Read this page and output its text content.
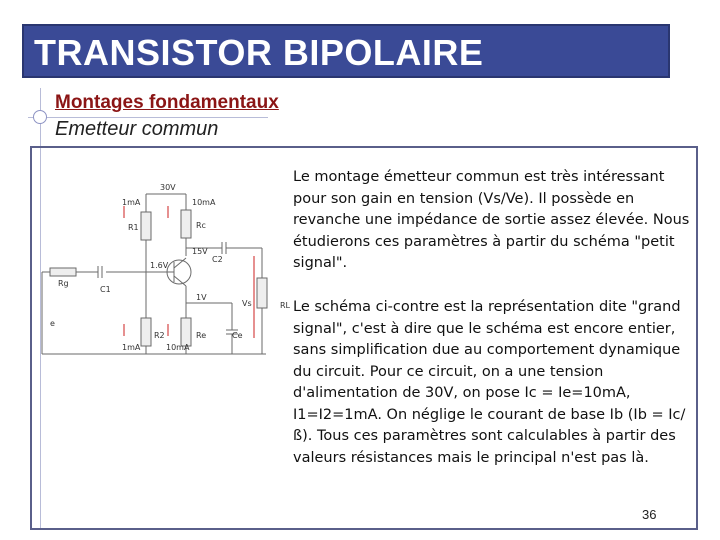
TRANSISTOR BIPOLAIRE
Montages fondamentaux
Emetteur commun
30V
1mA	10mA
R1	Rc
15V
C2
1.6V
Rg
C1
1V
Vs	RL
e
1mA
R2
10mA
Re	Ce
Le montage émetteur commun est très intéressant pour son gain en tension (Vs/Ve). Il possède en revanche une impédance de sortie assez élevée. Nous étudierons ces paramètres à partir du schéma "petit signal".
Le schéma ci-contre est la représentation dite "grand signal", c'est à dire que le schéma est encore entier, sans simplification due au comportement dynamique du circuit. Pour ce circuit, on a une tension d'alimentation de 30V, on pose Ic = Ie=10mA, I1=I2=1mA. On néglige le courant de base Ib (Ib = Ic/ß). Tous ces paramètres sont calculables à partir des valeurs résistances mais le principal n'est pas là.
36
